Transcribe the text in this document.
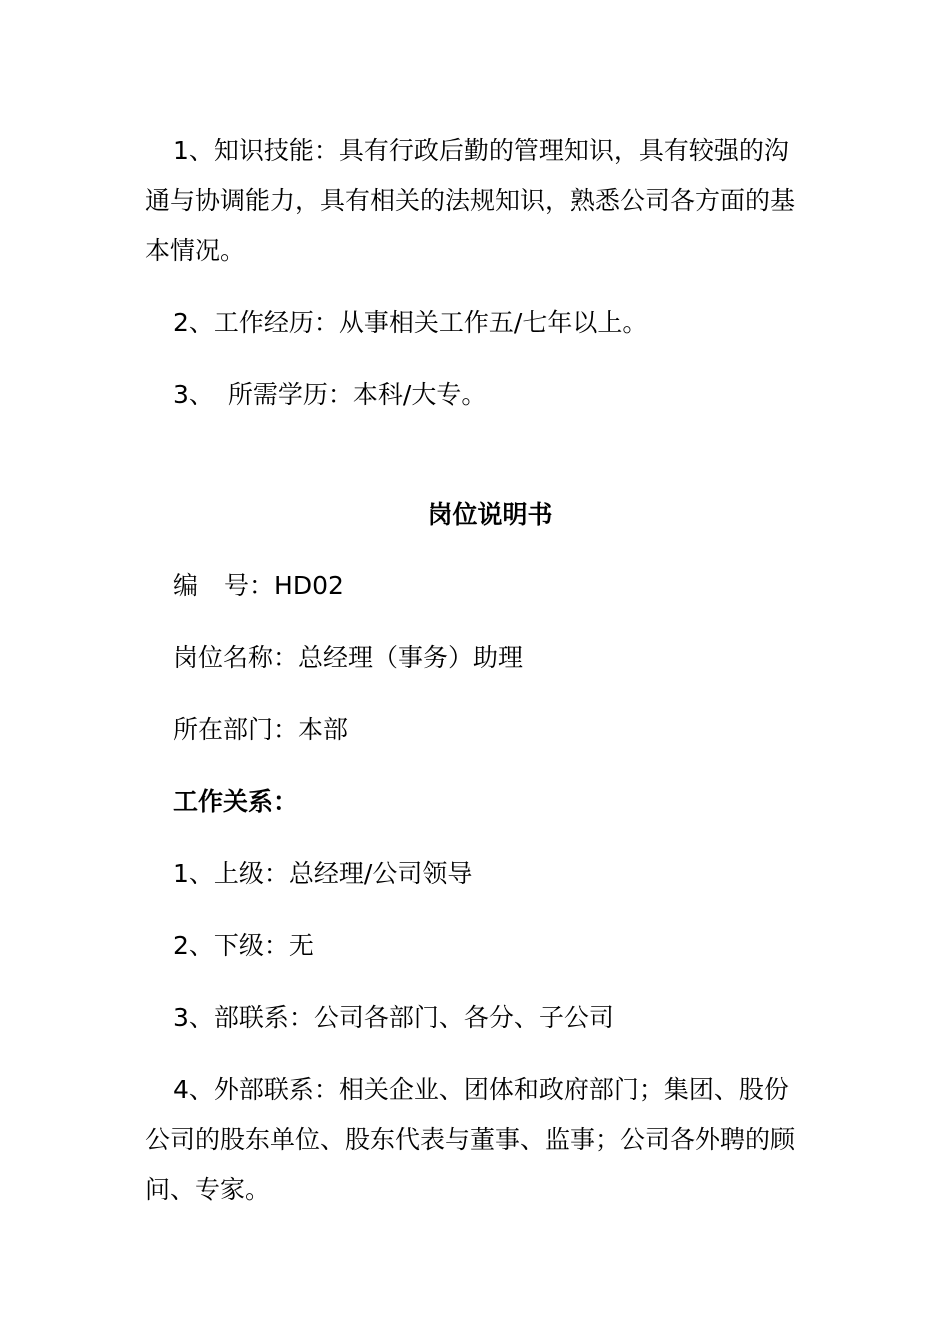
1、知识技能：具有行政后勤的管理知识，具有较强的沟通与协调能力，具有相关的法规知识，熟悉公司各方面的基本情况。

2、工作经历：从事相关工作五/七年以上。

3、 所需学历：本科/大专。

岗位说明书

编 号：HD02

岗位名称：总经理（事务）助理

所在部门：本部

工作关系：

1、上级：总经理/公司领导

2、下级：无

3、部联系：公司各部门、各分、子公司

4、外部联系：相关企业、团体和政府部门；集团、股份公司的股东单位、股东代表与董事、监事；公司各外聘的顾问、专家。
